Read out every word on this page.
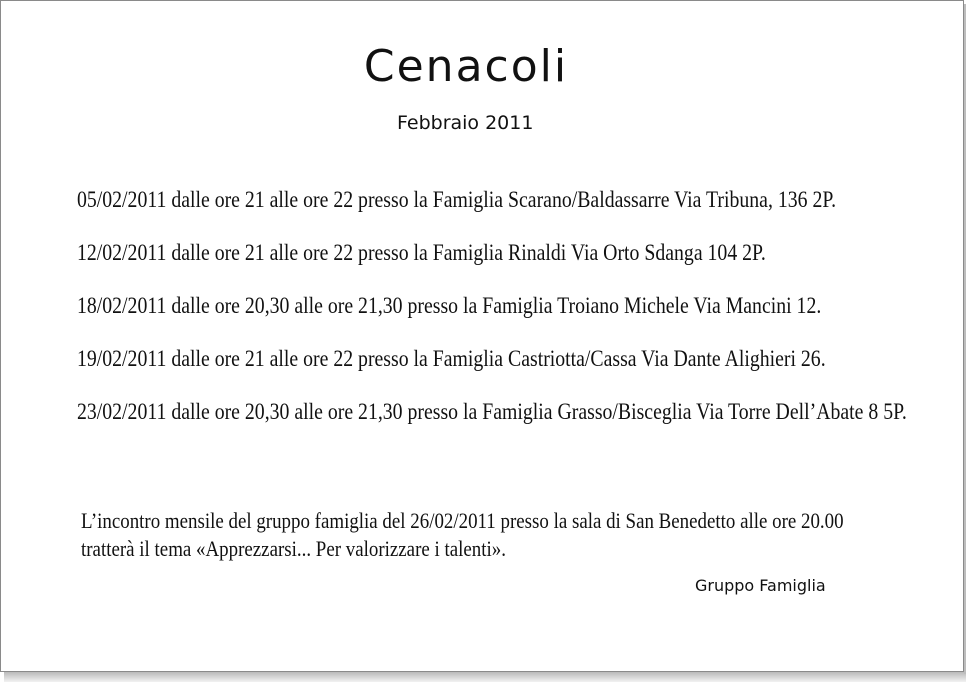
Cenacoli
Febbraio 2011
05/02/2011 dalle ore 21 alle ore 22 presso la Famiglia Scarano/Baldassarre Via Tribuna, 136 2P.
12/02/2011 dalle ore 21 alle ore 22 presso la Famiglia Rinaldi Via Orto Sdanga 104 2P.
18/02/2011 dalle ore 20,30 alle ore 21,30 presso la Famiglia Troiano Michele Via Mancini 12.
19/02/2011 dalle ore 21 alle ore 22 presso la Famiglia Castriotta/Cassa Via Dante Alighieri 26.
23/02/2011 dalle ore 20,30 alle ore 21,30 presso la Famiglia Grasso/Bisceglia Via Torre Dell’Abate 8 5P.

L’incontro mensile del gruppo famiglia del 26/02/2011 presso la sala di San Benedetto alle ore 20.00

tratterà il tema «Apprezzarsi... Per valorizzare i talenti».

Gruppo Famiglia
